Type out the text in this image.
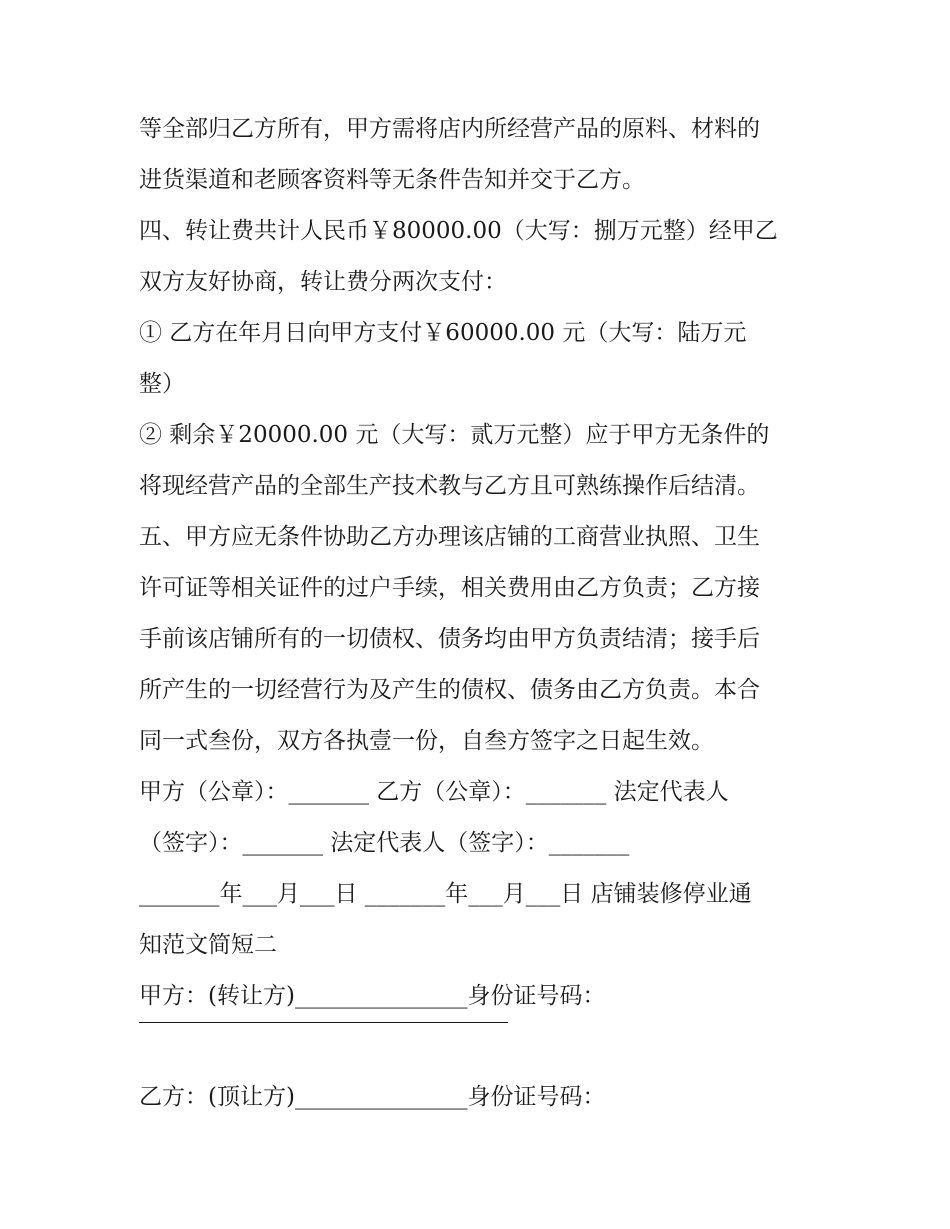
等全部归乙方所有，甲方需将店内所经营产品的原料、材料的
进货渠道和老顾客资料等无条件告知并交于乙方。
四、转让费共计人民币￥80000.00（大写：捌万元整）经甲乙
双方友好协商，转让费分两次支付：
① 乙方在年月日向甲方支付￥60000.00 元（大写：陆万元
整）
② 剩余￥20000.00 元（大写：贰万元整）应于甲方无条件的
将现经营产品的全部生产技术教与乙方且可熟练操作后结清。
五、甲方应无条件协助乙方办理该店铺的工商营业执照、卫生
许可证等相关证件的过户手续，相关费用由乙方负责；乙方接
手前该店铺所有的一切债权、债务均由甲方负责结清；接手后
所产生的一切经营行为及产生的债权、债务由乙方负责。本合
同一式叁份，双方各执壹一份，自叁方签字之日起生效。
甲方（公章）：_______ 乙方（公章）：_______ 法定代表人
（签字）：_______ 法定代表人（签字）：_______
_______年___月___日 _______年___月___日 店铺装修停业通
知范文简短二
甲方：(转让方)_______________身份证号码：
乙方：(顶让方)_______________身份证号码：
